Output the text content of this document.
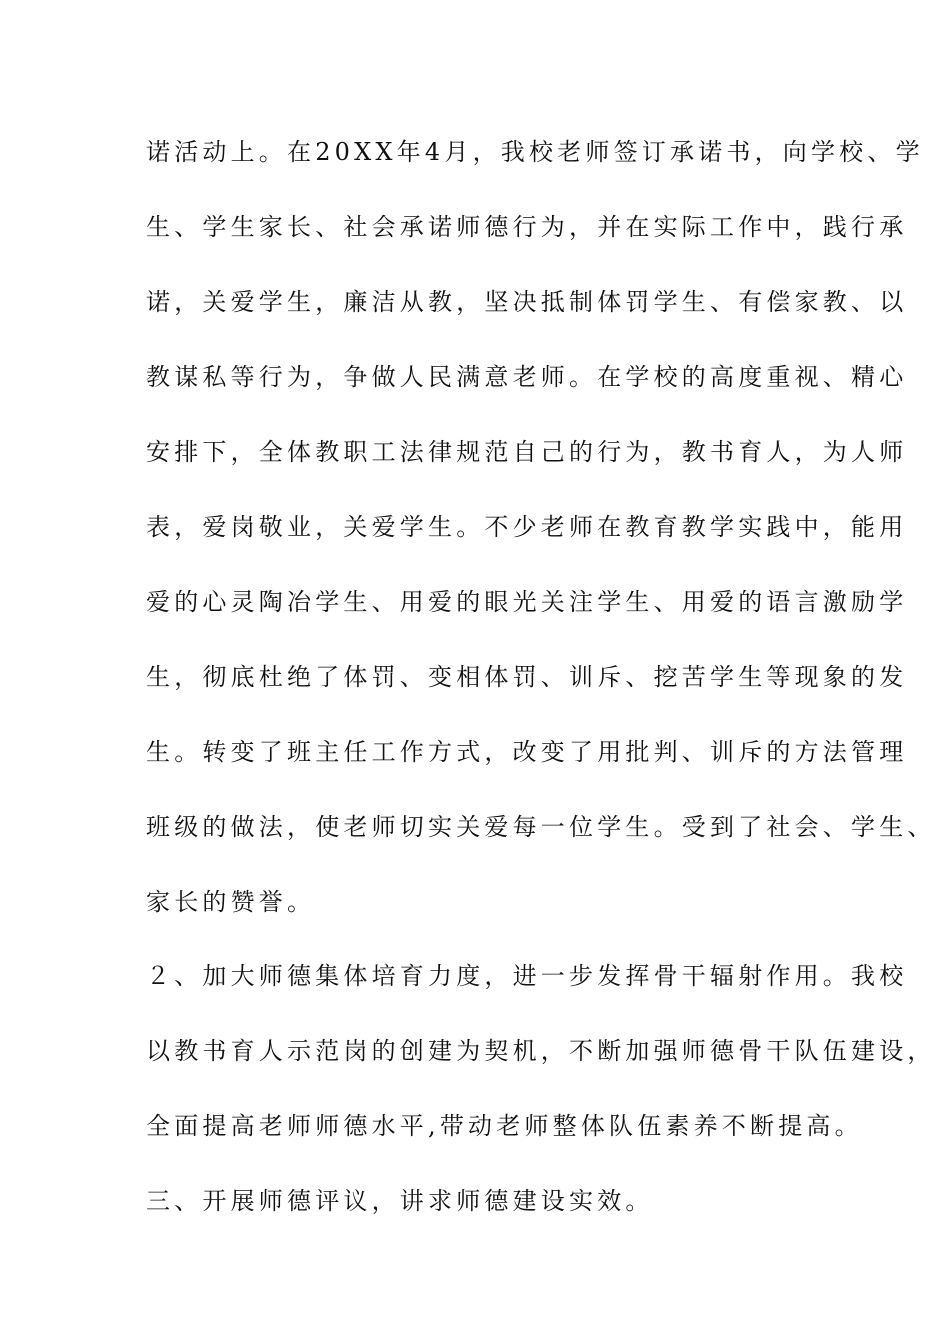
诺活动上。在20XX年4月，我校老师签订承诺书，向学校、学
生、学生家长、社会承诺师德行为，并在实际工作中，践行承
诺，关爱学生，廉洁从教，坚决抵制体罚学生、有偿家教、以
教谋私等行为，争做人民满意老师。在学校的高度重视、精心
安排下，全体教职工法律规范自己的行为，教书育人，为人师
表，爱岗敬业，关爱学生。不少老师在教育教学实践中，能用
爱的心灵陶冶学生、用爱的眼光关注学生、用爱的语言激励学
生，彻底杜绝了体罚、变相体罚、训斥、挖苦学生等现象的发
生。转变了班主任工作方式，改变了用批判、训斥的方法管理
班级的做法，使老师切实关爱每一位学生。受到了社会、学生、
家长的赞誉。
２、加大师德集体培育力度，进一步发挥骨干辐射作用。我校
以教书育人示范岗的创建为契机，不断加强师德骨干队伍建设，
全面提高老师师德水平,带动老师整体队伍素养不断提高。
三、开展师德评议，讲求师德建设实效。
